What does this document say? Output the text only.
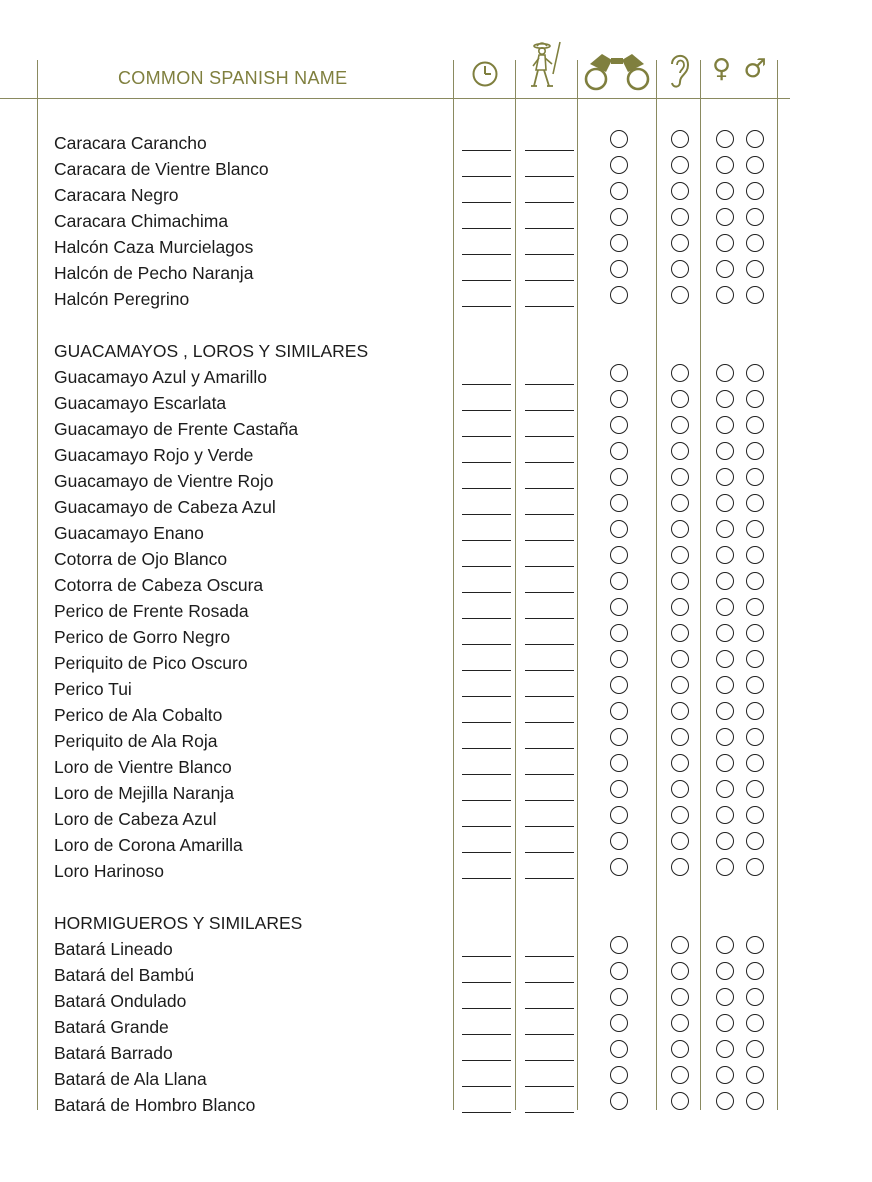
COMMON SPANISH NAME	♀ ♂
Caracara Carancho
Caracara de Vientre Blanco
Caracara Negro
Caracara Chimachima
Halcón Caza Murcielagos
Halcón de Pecho Naranja
Halcón Peregrino
GUACAMAYOS , LOROS Y SIMILARES
Guacamayo Azul y Amarillo
Guacamayo Escarlata
Guacamayo de Frente Castaña
Guacamayo Rojo y Verde
Guacamayo de Vientre Rojo
Guacamayo de Cabeza Azul
Guacamayo Enano
Cotorra de Ojo Blanco
Cotorra de Cabeza Oscura
Perico de Frente Rosada
Perico de Gorro Negro
Periquito de Pico Oscuro
Perico Tui
Perico de Ala Cobalto
Periquito de Ala Roja
Loro de Vientre Blanco
Loro de Mejilla Naranja
Loro de Cabeza Azul
Loro de Corona Amarilla
Loro Harinoso
HORMIGUEROS Y SIMILARES
Batará Lineado
Batará del Bambú
Batará Ondulado
Batará Grande
Batará Barrado
Batará de Ala Llana
Batará de Hombro Blanco
